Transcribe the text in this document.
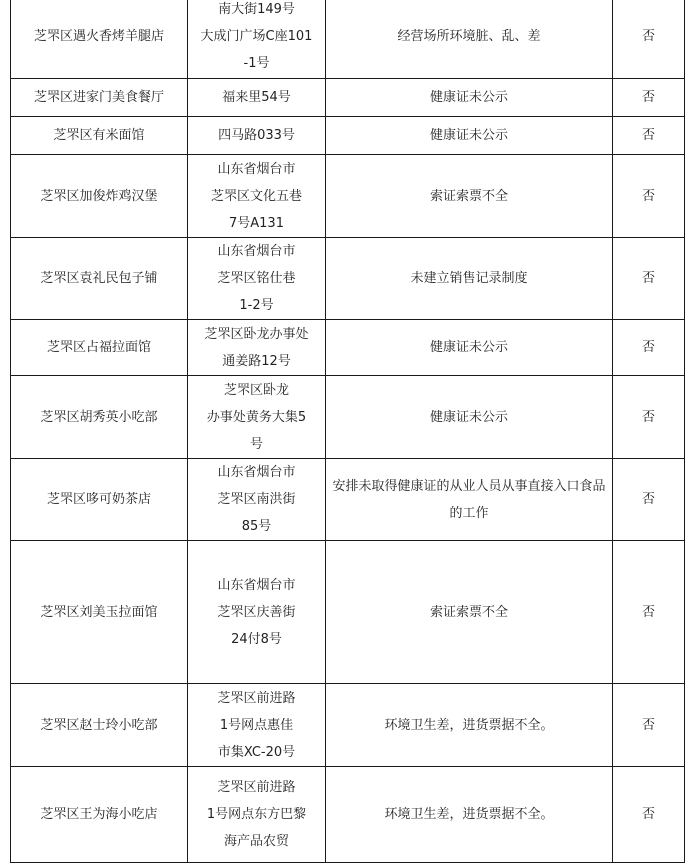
芝罘区遇火香烤羊腿店	南大街149号
大成门广场C座101
-1号	经营场所环境脏、乱、差	否
芝罘区进家门美食餐厅	福来里54号	健康证未公示	否
芝罘区有米面馆	四马路033号	健康证未公示	否
芝罘区加俊炸鸡汉堡	山东省烟台市
芝罘区文化五巷
7号A131	索证索票不全	否
芝罘区袁礼民包子铺	山东省烟台市
芝罘区铭仕巷
1-2号	未建立销售记录制度	否
芝罘区占福拉面馆	芝罘区卧龙办事处
通姜路12号	健康证未公示	否
芝罘区胡秀英小吃部	芝罘区卧龙
办事处黄务大集5
号	健康证未公示	否
芝罘区哆可奶茶店	山东省烟台市
芝罘区南洪街
85号	安排未取得健康证的从业人员从事直接入口食品的工作	否
芝罘区刘美玉拉面馆	山东省烟台市
芝罘区庆善街
24付8号	索证索票不全	否
芝罘区赵士玲小吃部	芝罘区前进路
1号网点惠佳
市集XC-20号	环境卫生差，进货票据不全。	否
芝罘区王为海小吃店	芝罘区前进路
1号网点东方巴黎
海产品农贸	环境卫生差，进货票据不全。	否
